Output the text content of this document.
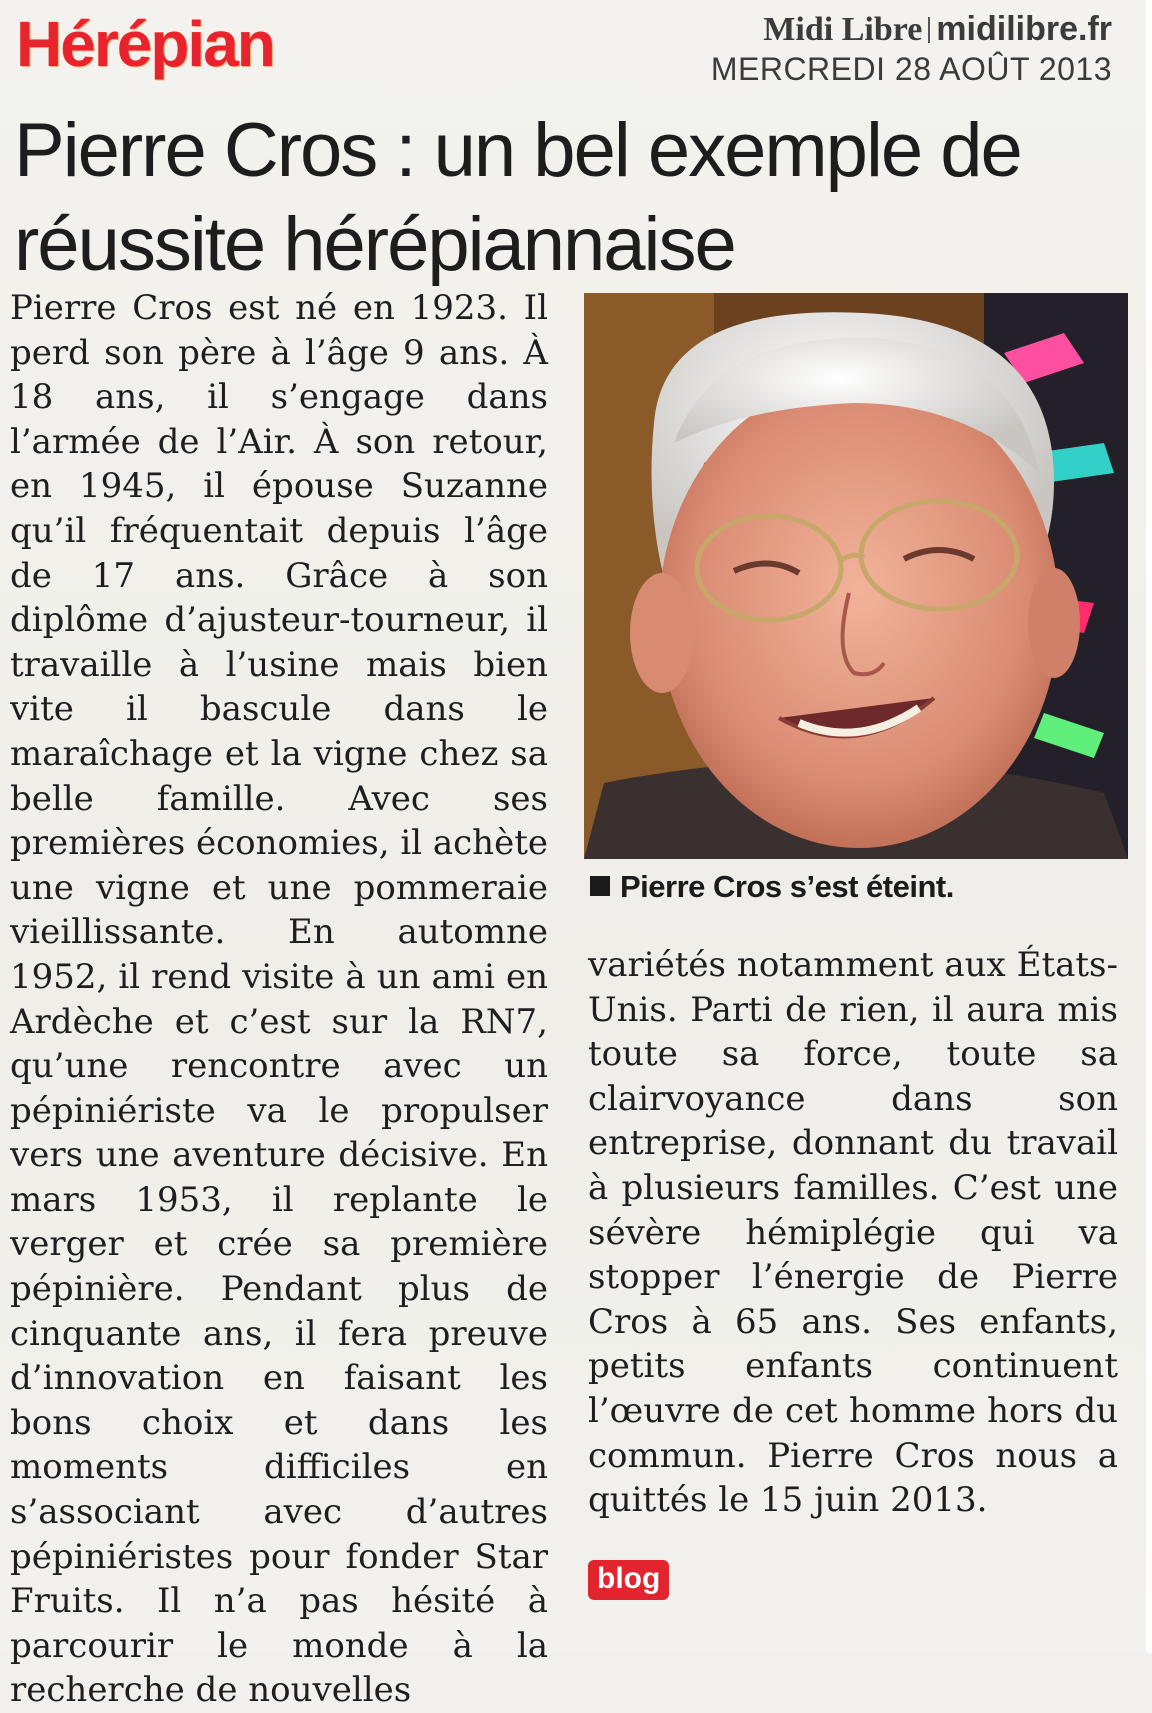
Hérépian	Midi Libre midilibre.fr
MERCREDI 28 AOÛT 2013
Pierre Cros : un bel exemple de réussite hérépiannaise

Pierre Cros est né en 1923. Il perd son père à l’âge 9 ans. À 18 ans, il s’engage dans l’armée de l’Air. À son retour, en 1945, il épouse Suzanne qu’il fréquentait depuis l’âge de 17 ans. Grâce à son diplôme d’ajusteur-tourneur, il travaille à l’usine mais bien vite il bascule dans le maraîchage et la vigne chez sa belle famille. Avec ses premières économies, il achète une vigne et une pommeraie vieillissante. En automne 1952, il rend visite à un ami en Ardèche et c’est sur la RN7, qu’une rencontre avec un pépiniériste va le propulser vers une aventure décisive. En mars 1953, il replante le verger et crée sa première pépinière. Pendant plus de cinquante ans, il fera preuve d’innovation en faisant les bons choix et dans les moments difficiles en s’associant avec d’autres pépiniéristes pour fonder Star Fruits. Il n’a pas hésité à parcourir le monde à la recherche de nouvelles

Pierre Cros s’est éteint.

variétés notamment aux États-Unis. Parti de rien, il aura mis toute sa force, toute sa clairvoyance dans son entreprise, donnant du travail à plusieurs familles. C’est une sévère hémiplégie qui va stopper l’énergie de Pierre Cros à 65 ans. Ses enfants, petits enfants continuent l’œuvre de cet homme hors du commun. Pierre Cros nous a quittés le 15 juin 2013.

blog
